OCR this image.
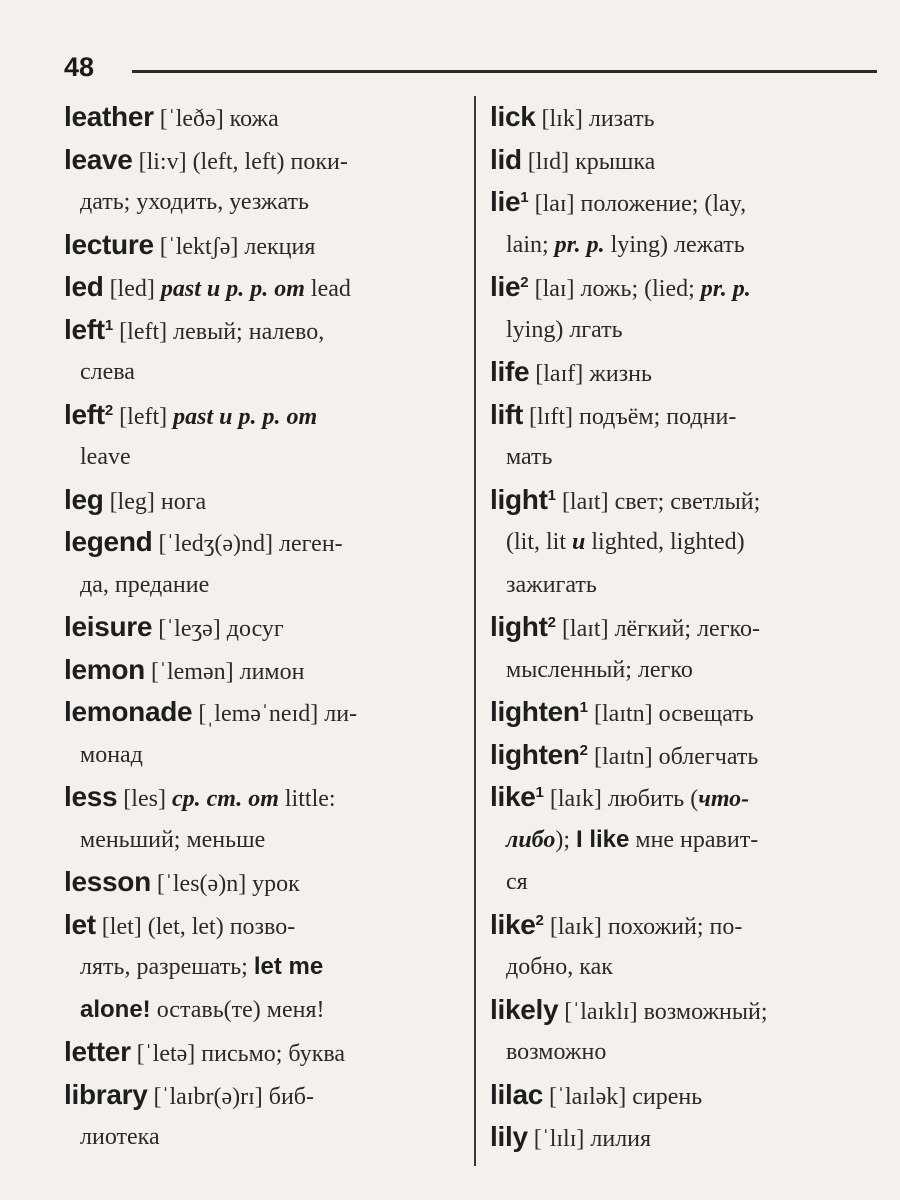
48
leather [ˈleðə] кожа
leave [li:v] (left, left) поки-
дать; уходить, уезжать
lecture [ˈlektʃə] лекция
led [led] past и p. p. от lead
left$^1$ [left] левый; налево,
слева
left$^2$ [left] past и p. p. от
leave
leg [leg] нога
legend [ˈledʒ(ə)nd] леген-
да, предание
leisure [ˈleʒə] досуг
lemon [ˈlemən] лимон
lemonade [ˌleməˈneɪd] ли-
монад
less [les] ср. ст. от little:
меньший; меньше
lesson [ˈles(ə)n] урок
let [let] (let, let) позво-
лять, разрешать; let me
alone! оставь(те) меня!
letter [ˈletə] письмо; буква
library [ˈlaɪbr(ə)rɪ] биб-
лиотека
lick [lɪk] лизать
lid [lɪd] крышка
lie$^1$ [laɪ] положение; (lay,
lain; pr. p. lying) лежать
lie$^2$ [laɪ] ложь; (lied; pr. p.
lying) лгать
life [laɪf] жизнь
lift [lɪft] подъём; подни-
мать
light$^1$ [laɪt] свет; светлый;
(lit, lit и lighted, lighted)
зажигать
light$^2$ [laɪt] лёгкий; легко-
мысленный; легко
lighten$^1$ [laɪtn] освещать
lighten$^2$ [laɪtn] облегчать
like$^1$ [laɪk] любить (что-
либо); I like мне нравит-
ся
like$^2$ [laɪk] похожий; по-
добно, как
likely [ˈlaɪklɪ] возможный;
возможно
lilac [ˈlaɪlək] сирень
lily [ˈlɪlɪ] лилия
